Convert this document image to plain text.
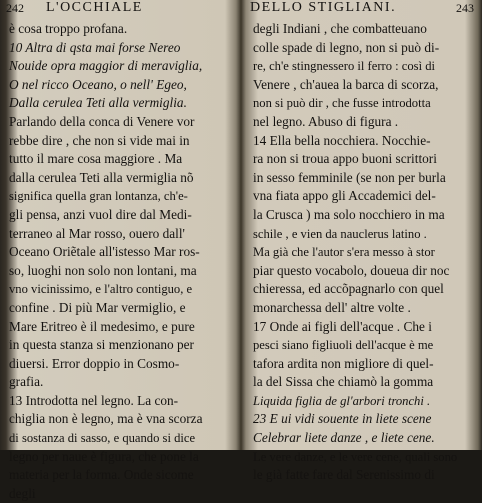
242 L'OCCHIALE
è cosa troppo profana.
10 Altra di qsta mai forse Nereo
Nouide opra maggior di meraviglia,
O nel ricco Oceano, o nell' Egeo,
Dalla cerulea Teti alla vermiglia.
Parlando della conca di Venere vor
rebbe dire , che non si vide mai in
tutto il mare cosa maggiore . Ma
dalla cerulea Teti alla vermiglia nõ
significa quella gran lontanza, ch'e-
gli pensa, anzi vuol dire dal Medi-
terraneo al Mar rosso, ouero dall'
Oceano Oriẽtale all'istesso Mar ros-
so, luoghi non solo non lontani, ma
vno vicinissimo, e l'altro contiguo, e
confine . Di più Mar vermiglio, e
Mare Eritreo è il medesimo, e pure
in questa stanza si menzionano per
diuersi. Error doppio in Cosmo-
grafia.
13 Introdotta nel legno. La con-
chiglia non è legno, ma è vna scorza
di sostanza di sasso, e quando si dice
legno per naue è figura, che pone la
materia per la forma. Onde sicome
degli
DELLO STIGLIANI.	243
degli Indiani , che combatteuano
colle spade di legno, non si può di-
re, ch'e stingnessero il ferro : così di
Venere , ch'auea la barca di scorza,
non si può dir , che fusse introdotta
nel legno. Abuso di figura .
14 Ella bella nocchiera. Nocchie-
ra non si troua appo buoni scrittori
in sesso femminile (se non per burla
vna fiata appo gli Accademici del-
la Crusca ) ma solo nocchiero in ma
schile , e vien da nauclerus latino .
Ma già che l'autor s'era messo à stor
piar questo vocabolo, doueua dir noc
chieressa, ed accõpagnarlo con quel
monarchessa dell' altre volte .
17 Onde ai figli dell'acque . Che i
pesci siano figliuoli dell'acque è me
tafora ardita non migliore di quel-
la del Sissa che chiamò la gomma
Liquida figlia de gl'arbori tronchi .
23 E ui vidi souente in liete scene
Celebrar liete danze , e liete cene.
Le vere danze, e le vere cene, quali sono
le già fatte fare dal Serenissimo di
